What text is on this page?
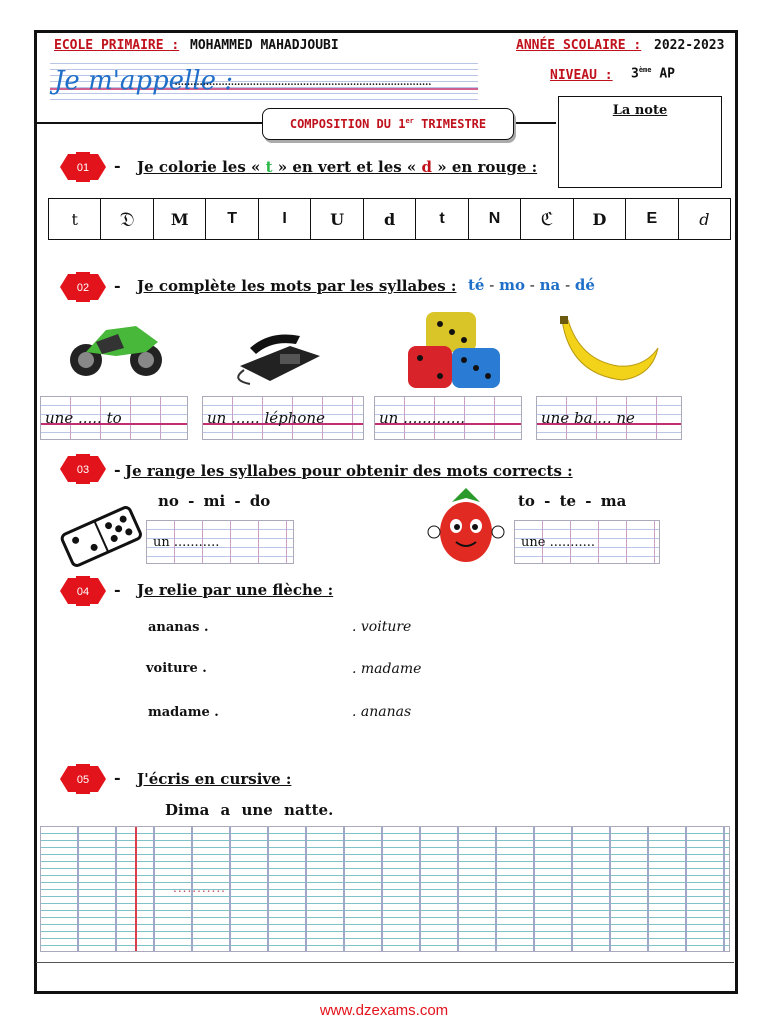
ECOLE PRIMAIRE : MOHAMMED MAHADJOUBI	ANNÉE SCOLAIRE : 2022-2023
Je m'appelle :
..................................................................................	NIVEAU : 3ème AP
COMPOSITION DU 1er TRIMESTRE
La note
01 - Je colorie les « t » en vert et les « d » en rouge :
t	𝔇	M	T	I	U	d	t	N	ℭ	D	E	d
02 - Je complète les mots par les syllabes : té - mo - na - dé
une ..... to	un ...... léphone	un .............	une ba.... ne
03 - Je range les syllabes pour obtenir des mots corrects :
no - mi - do	to - te - ma
un ...........	une ...........
04 - Je relie par une flèche :
ananas .
voiture .
madame .
. voiture
. madame
. ananas
05 - J'écris en cursive :
Dima a une natte.
...........
www.dzexams.com
